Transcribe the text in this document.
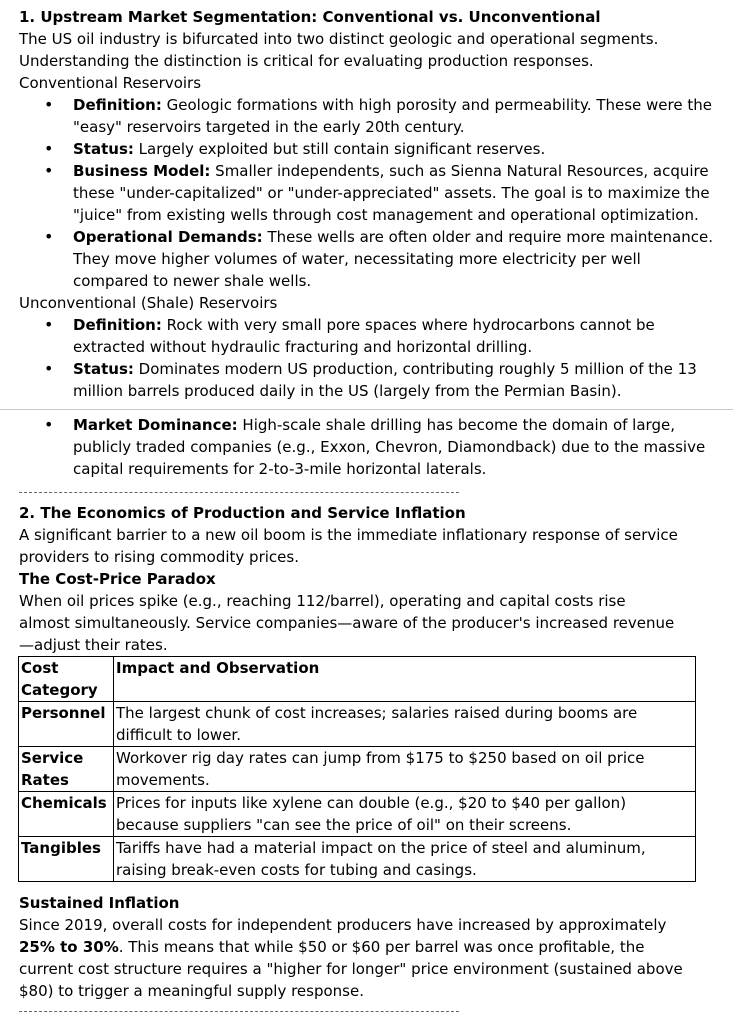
1. Upstream Market Segmentation: Conventional vs. Unconventional
The US oil industry is bifurcated into two distinct geologic and operational segments. Understanding the distinction is critical for evaluating production responses.
Conventional Reservoirs
• Definition: Geologic formations with high porosity and permeability. These were the "easy" reservoirs targeted in the early 20th century.
• Status: Largely exploited but still contain significant reserves.
• Business Model: Smaller independents, such as Sienna Natural Resources, acquire these "under-capitalized" or "under-appreciated" assets. The goal is to maximize the "juice" from existing wells through cost management and operational optimization.
• Operational Demands: These wells are often older and require more maintenance. They move higher volumes of water, necessitating more electricity per well compared to newer shale wells.
Unconventional (Shale) Reservoirs
• Definition: Rock with very small pore spaces where hydrocarbons cannot be extracted without hydraulic fracturing and horizontal drilling.
• Status: Dominates modern US production, contributing roughly 5 million of the 13 million barrels produced daily in the US (largely from the Permian Basin).
• Market Dominance: High-scale shale drilling has become the domain of large, publicly traded companies (e.g., Exxon, Chevron, Diamondback) due to the massive capital requirements for 2-to-3-mile horizontal laterals.
2. The Economics of Production and Service Inflation
A significant barrier to a new oil boom is the immediate inflationary response of service providers to rising commodity prices.
The Cost-Price Paradox
When oil prices spike (e.g., reaching 112/barrel), operating and capital costs rise almost simultaneously. Service companies—aware of the producer's increased revenue—adjust their rates.
Cost Category	Impact and Observation
Personnel	The largest chunk of cost increases; salaries raised during booms are difficult to lower.
Service Rates	Workover rig day rates can jump from $175 to $250 based on oil price movements.
Chemicals	Prices for inputs like xylene can double (e.g., $20 to $40 per gallon) because suppliers "can see the price of oil" on their screens.
Tangibles	Tariffs have had a material impact on the price of steel and aluminum, raising break-even costs for tubing and casings.
Sustained Inflation
Since 2019, overall costs for independent producers have increased by approximately 25% to 30%. This means that while $50 or $60 per barrel was once profitable, the current cost structure requires a "higher for longer" price environment (sustained above $80) to trigger a meaningful supply response.
